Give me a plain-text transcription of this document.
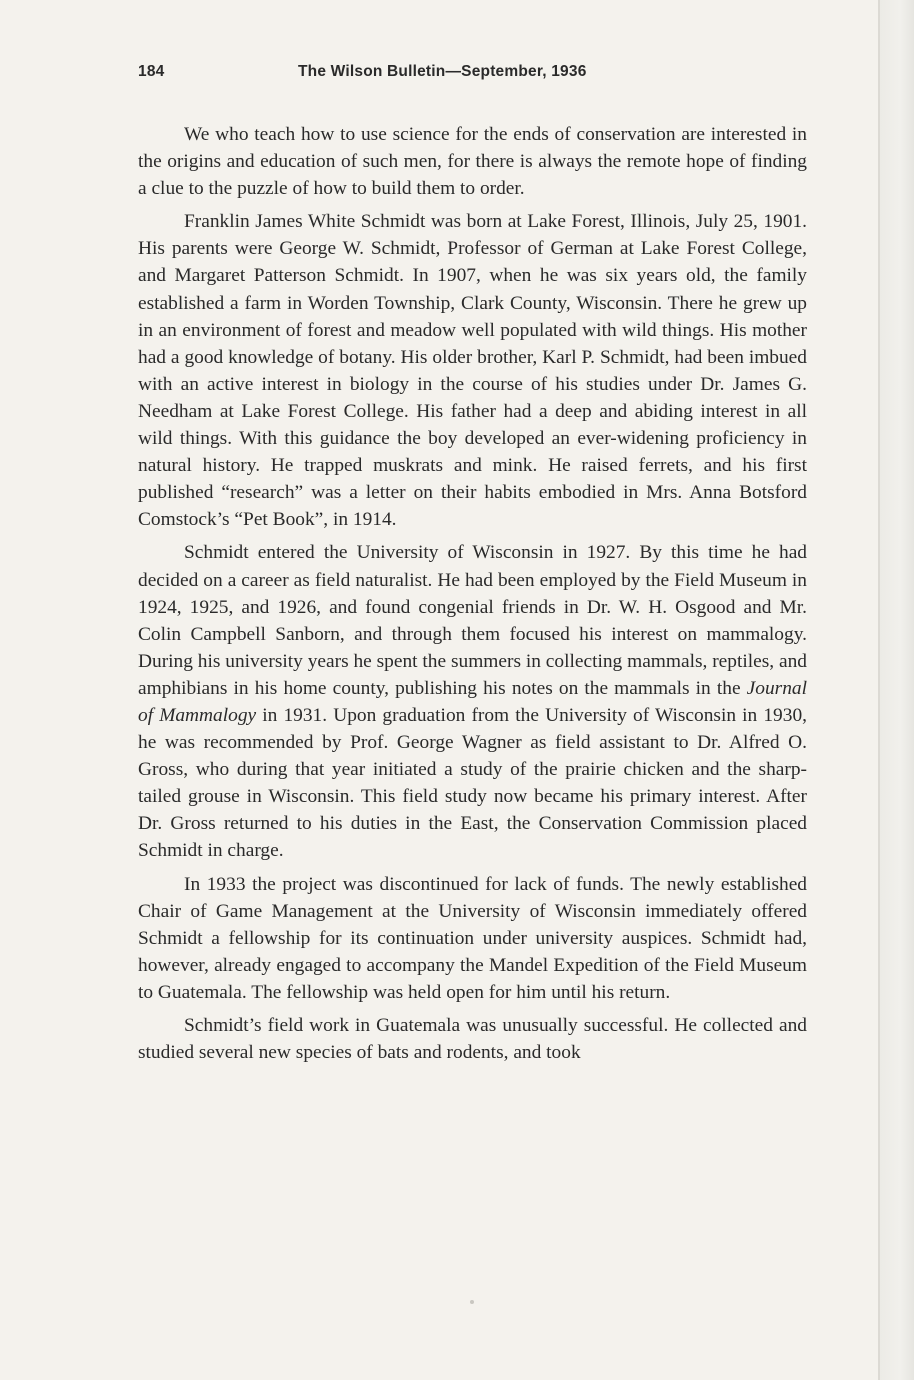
184	The Wilson Bulletin—September, 1936

We who teach how to use science for the ends of conservation are interested in the origins and education of such men, for there is always the remote hope of finding a clue to the puzzle of how to build them to order.

Franklin James White Schmidt was born at Lake Forest, Illinois, July 25, 1901. His parents were George W. Schmidt, Professor of German at Lake Forest College, and Margaret Patterson Schmidt. In 1907, when he was six years old, the family established a farm in Worden Township, Clark County, Wisconsin. There he grew up in an environment of forest and meadow well populated with wild things. His mother had a good knowledge of botany. His older brother, Karl P. Schmidt, had been imbued with an active interest in biology in the course of his studies under Dr. James G. Needham at Lake Forest College. His father had a deep and abiding interest in all wild things. With this guidance the boy developed an ever-widening proficiency in natural history. He trapped muskrats and mink. He raised ferrets, and his first published “research” was a letter on their habits embodied in Mrs. Anna Botsford Comstock’s “Pet Book”, in 1914.

Schmidt entered the University of Wisconsin in 1927. By this time he had decided on a career as field naturalist. He had been employed by the Field Museum in 1924, 1925, and 1926, and found congenial friends in Dr. W. H. Osgood and Mr. Colin Campbell Sanborn, and through them focused his interest on mammalogy. During his university years he spent the summers in collecting mammals, reptiles, and amphibians in his home county, publishing his notes on the mammals in the Journal of Mammalogy in 1931. Upon graduation from the University of Wisconsin in 1930, he was recommended by Prof. George Wagner as field assistant to Dr. Alfred O. Gross, who during that year initiated a study of the prairie chicken and the sharp-tailed grouse in Wisconsin. This field study now became his primary interest. After Dr. Gross returned to his duties in the East, the Conservation Commission placed Schmidt in charge.

In 1933 the project was discontinued for lack of funds. The newly established Chair of Game Management at the University of Wisconsin immediately offered Schmidt a fellowship for its continuation under university auspices. Schmidt had, however, already engaged to accompany the Mandel Expedition of the Field Museum to Guatemala. The fellowship was held open for him until his return.

Schmidt’s field work in Guatemala was unusually successful. He collected and studied several new species of bats and rodents, and took
